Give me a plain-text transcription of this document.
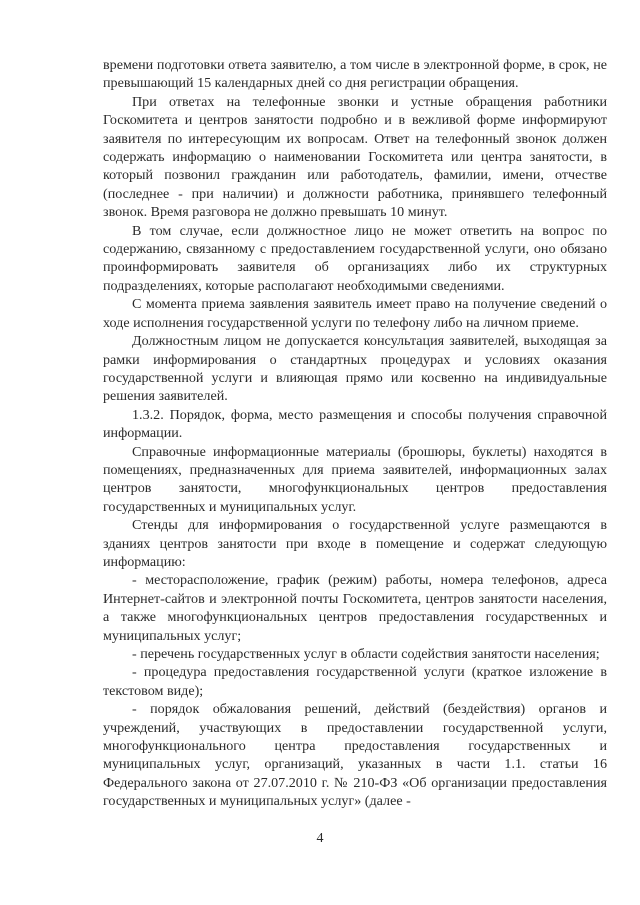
времени подготовки ответа заявителю, а том числе в электронной форме, в срок, не превышающий 15 календарных дней со дня регистрации обращения.

При ответах на телефонные звонки и устные обращения работники Госкомитета и центров занятости подробно и в вежливой форме информируют заявителя по интересующим их вопросам. Ответ на телефонный звонок должен содержать информацию о наименовании Госкомитета или центра занятости, в который позвонил гражданин или работодатель, фамилии, имени, отчестве (последнее - при наличии) и должности работника, принявшего телефонный звонок. Время разговора не должно превышать 10 минут.

В том случае, если должностное лицо не может ответить на вопрос по содержанию, связанному с предоставлением государственной услуги, оно обязано проинформировать заявителя об организациях либо их структурных подразделениях, которые располагают необходимыми сведениями.

С момента приема заявления заявитель имеет право на получение сведений о ходе исполнения государственной услуги по телефону либо на личном приеме.

Должностным лицом не допускается консультация заявителей, выходящая за рамки информирования о стандартных процедурах и условиях оказания государственной услуги и влияющая прямо или косвенно на индивидуальные решения заявителей.

1.3.2. Порядок, форма, место размещения и способы получения справочной информации.

Справочные информационные материалы (брошюры, буклеты) находятся в помещениях, предназначенных для приема заявителей, информационных залах центров занятости, многофункциональных центров предоставления государственных и муниципальных услуг.

Стенды для информирования о государственной услуге размещаются в зданиях центров занятости при входе в помещение и содержат следующую информацию:

- месторасположение, график (режим) работы, номера телефонов, адреса Интернет-сайтов и электронной почты Госкомитета, центров занятости населения, а также многофункциональных центров предоставления государственных и муниципальных услуг;

- перечень государственных услуг в области содействия занятости населения;

- процедура предоставления государственной услуги (краткое изложение в текстовом виде);

- порядок обжалования решений, действий (бездействия) органов и учреждений, участвующих в предоставлении государственной услуги, многофункционального центра предоставления государственных и муниципальных услуг, организаций, указанных в части 1.1. статьи 16 Федерального закона от 27.07.2010 г. № 210-ФЗ «Об организации предоставления государственных и муниципальных услуг» (далее -

4
